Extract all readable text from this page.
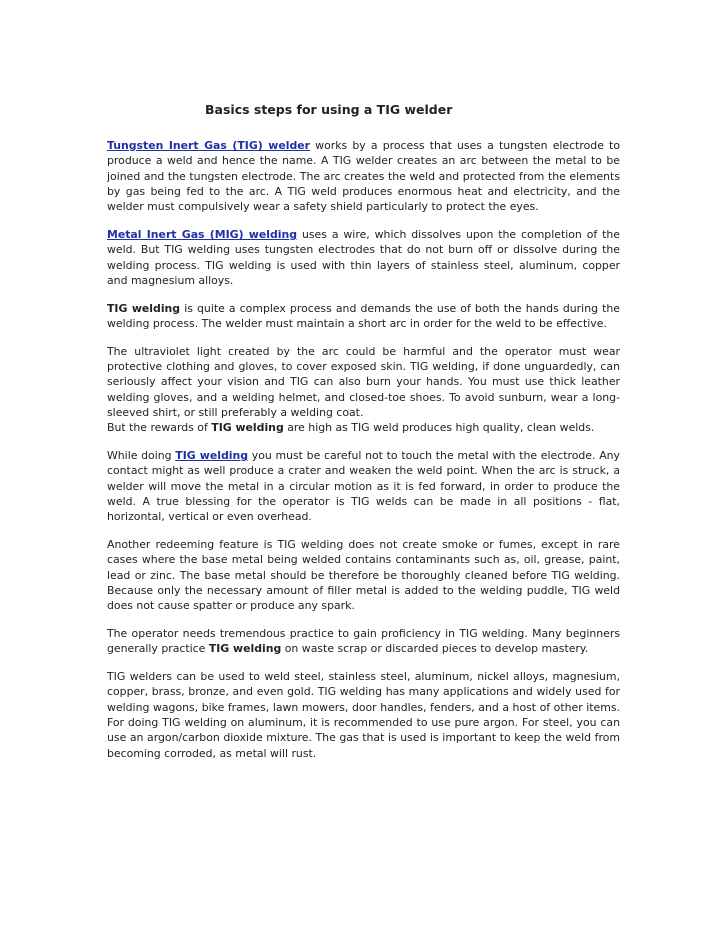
Basics steps for using a TIG welder

Tungsten Inert Gas (TIG) welder works by a process that uses a tungsten electrode to produce a weld and hence the name. A TIG welder creates an arc between the metal to be joined and the tungsten electrode. The arc creates the weld and protected from the elements by gas being fed to the arc. A TIG weld produces enormous heat and electricity, and the welder must compulsively wear a safety shield particularly to protect the eyes.

Metal Inert Gas (MIG) welding uses a wire, which dissolves upon the completion of the weld. But TIG welding uses tungsten electrodes that do not burn off or dissolve during the welding process. TIG welding is used with thin layers of stainless steel, aluminum, copper and magnesium alloys.

TIG welding is quite a complex process and demands the use of both the hands during the welding process. The welder must maintain a short arc in order for the weld to be effective.

The ultraviolet light created by the arc could be harmful and the operator must wear protective clothing and gloves, to cover exposed skin. TIG welding, if done unguardedly, can seriously affect your vision and TIG can also burn your hands. You must use thick leather welding gloves, and a welding helmet, and closed-toe shoes. To avoid sunburn, wear a long-sleeved shirt, or still preferably a welding coat.
But the rewards of TIG welding are high as TIG weld produces high quality, clean welds.

While doing TIG welding you must be careful not to touch the metal with the electrode. Any contact might as well produce a crater and weaken the weld point. When the arc is struck, a welder will move the metal in a circular motion as it is fed forward, in order to produce the weld. A true blessing for the operator is TIG welds can be made in all positions - flat, horizontal, vertical or even overhead.

Another redeeming feature is TIG welding does not create smoke or fumes, except in rare cases where the base metal being welded contains contaminants such as, oil, grease, paint, lead or zinc. The base metal should be therefore be thoroughly cleaned before TIG welding. Because only the necessary amount of filler metal is added to the welding puddle, TIG weld does not cause spatter or produce any spark.

The operator needs tremendous practice to gain proficiency in TIG welding. Many beginners generally practice TIG welding on waste scrap or discarded pieces to develop mastery.

TIG welders can be used to weld steel, stainless steel, aluminum, nickel alloys, magnesium, copper, brass, bronze, and even gold. TIG welding has many applications and widely used for welding wagons, bike frames, lawn mowers, door handles, fenders, and a host of other items. For doing TIG welding on aluminum, it is recommended to use pure argon. For steel, you can use an argon/carbon dioxide mixture. The gas that is used is important to keep the weld from becoming corroded, as metal will rust.
